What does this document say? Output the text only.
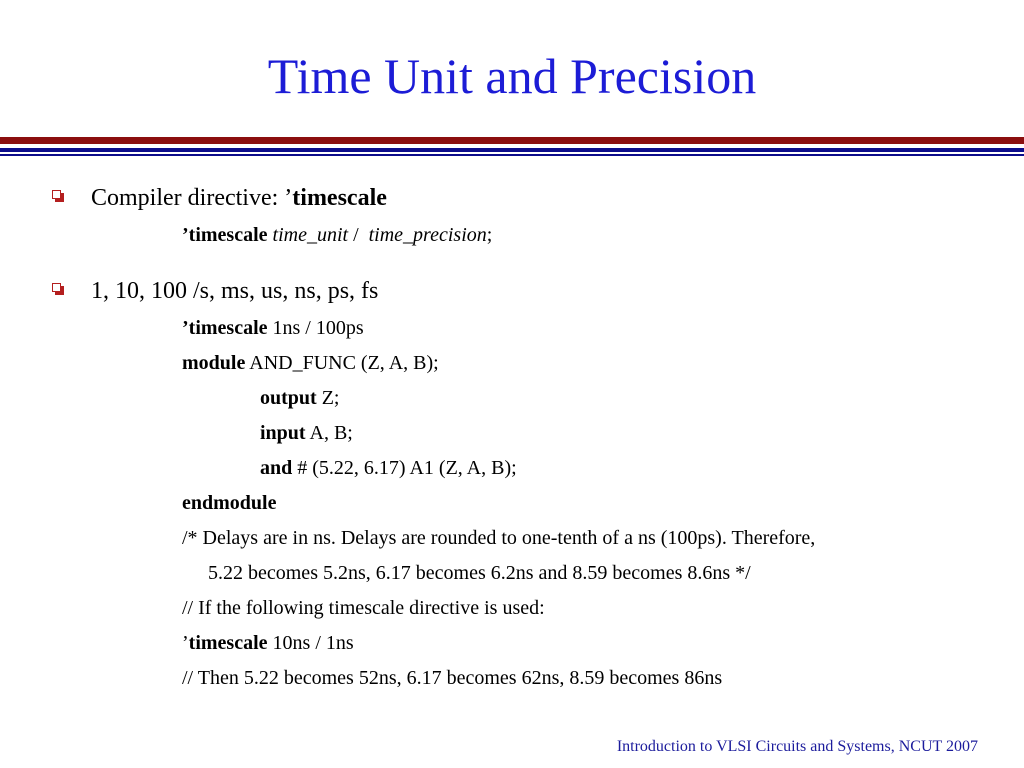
Time Unit and Precision
Compiler directive: ’timescale
’timescale time_unit / time_precision;
1, 10, 100 /s, ms, us, ns, ps, fs
’timescale 1ns / 100ps
module AND_FUNC (Z, A, B);
output Z;
input A, B;
and # (5.22, 6.17) A1 (Z, A, B);
endmodule
/* Delays are in ns. Delays are rounded to one-tenth of a ns (100ps). Therefore,
5.22 becomes 5.2ns, 6.17 becomes 6.2ns and 8.59 becomes 8.6ns */
// If the following timescale directive is used:
’timescale 10ns / 1ns
// Then 5.22 becomes 52ns, 6.17 becomes 62ns, 8.59 becomes 86ns
Introduction to VLSI Circuits and Systems, NCUT 2007
